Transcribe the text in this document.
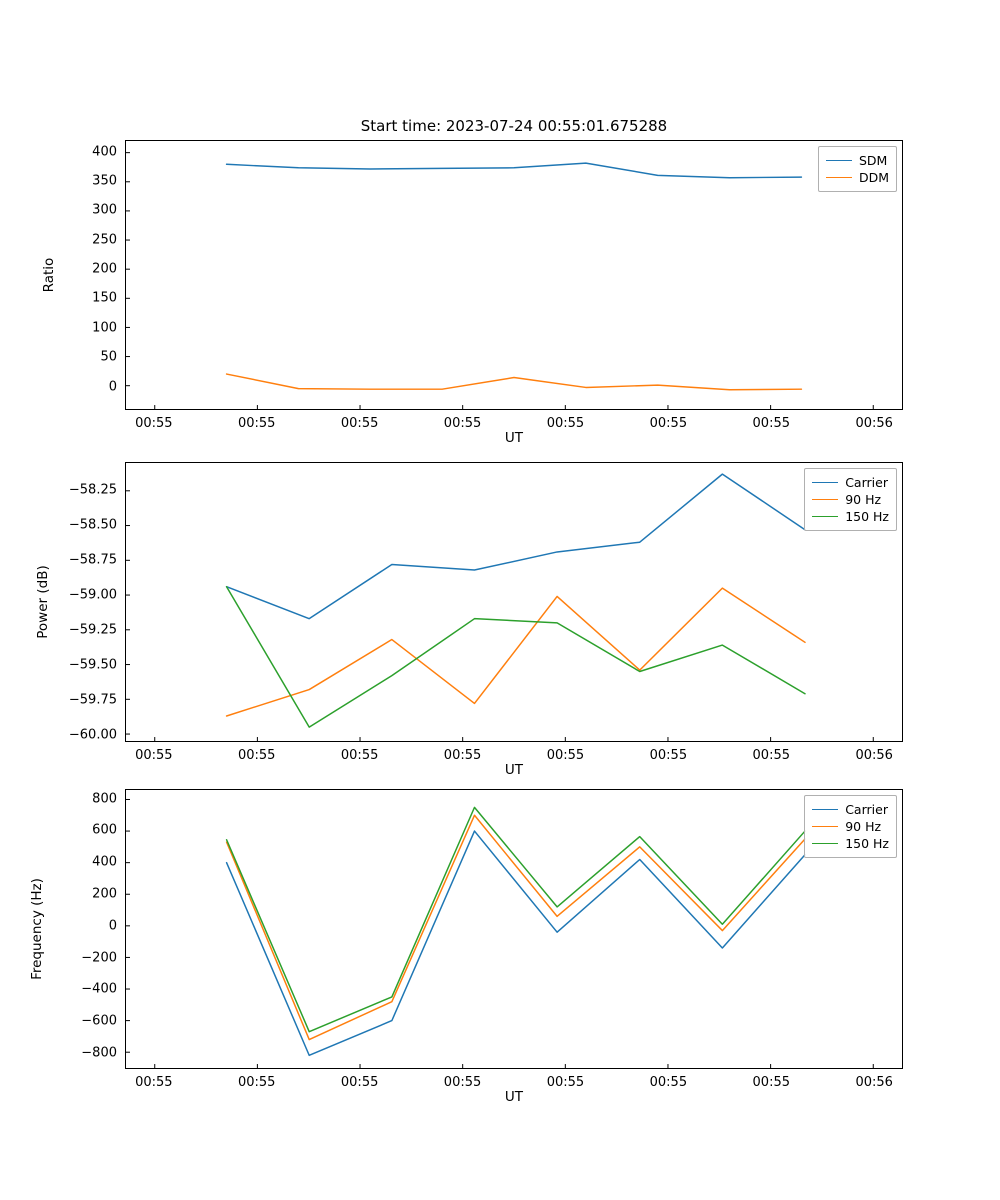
Start time: 2023-07-24 00:55:01.675288
00:55	00:55	00:55	00:55	00:55	00:55	00:55	00:56
0
50
100
150
200
250
300
350
400
UT
Ratio
SDM
DDM
00:55	00:55	00:55	00:55	00:55	00:55	00:55	00:56
−60.00
−59.75
−59.50
−59.25
−59.00
−58.75
−58.50
−58.25
UT
Power (dB)
Carrier
90 Hz
150 Hz
00:55	00:55	00:55	00:55	00:55	00:55	00:55	00:56
−800
−600
−400
−200
0
200
400
600
800
UT
Frequency (Hz)
Carrier
90 Hz
150 Hz
